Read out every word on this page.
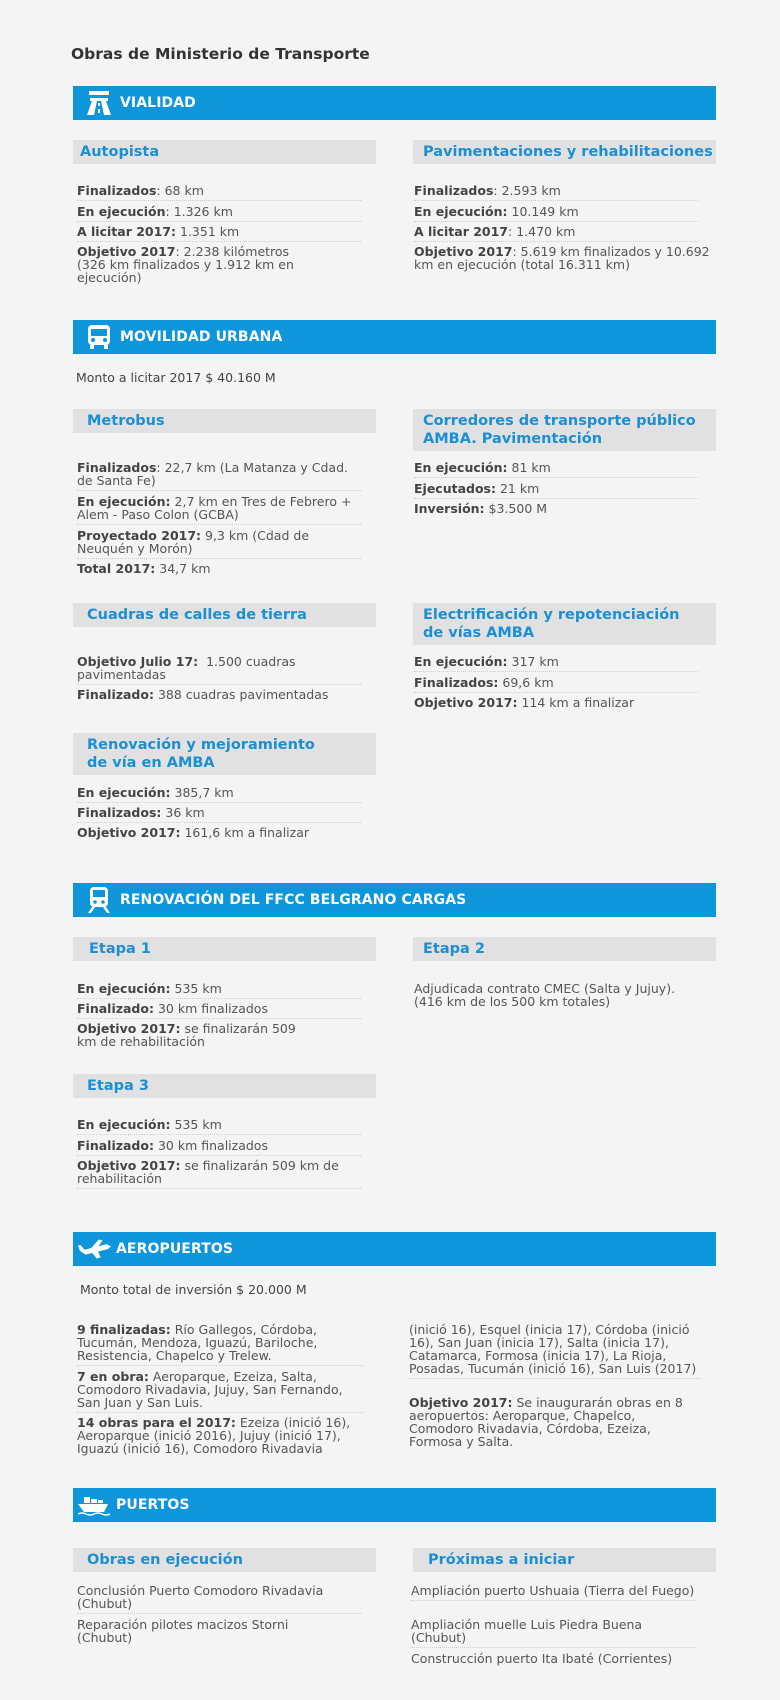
Obras de Ministerio de Transporte
VIALIDAD
Autopista
Finalizados: 68 km
En ejecución: 1.326 km
A licitar 2017: 1.351 km
Objetivo 2017: 2.238 kilómetros (326 km finalizados y 1.912 km en ejecución)
Pavimentaciones y rehabilitaciones
Finalizados: 2.593 km
En ejecución: 10.149 km
A licitar 2017: 1.470 km
Objetivo 2017: 5.619 km finalizados y 10.692 km en ejecución (total 16.311 km)
MOVILIDAD URBANA
Monto a licitar 2017 $ 40.160 M
Metrobus
Finalizados: 22,7 km (La Matanza y Cdad. de Santa Fe)
En ejecución: 2,7 km en Tres de Febrero + Alem - Paso Colon (GCBA)
Proyectado 2017: 9,3 km (Cdad de Neuquén y Morón)
Total 2017: 34,7 km
Corredores de transporte público
AMBA. Pavimentación
En ejecución: 81 km
Ejecutados: 21 km
Inversión: $3.500 M
Cuadras de calles de tierra
Objetivo Julio 17: 1.500 cuadras pavimentadas
Finalizado: 388 cuadras pavimentadas
Electrificación y repotenciación
de vías AMBA
En ejecución: 317 km
Finalizados: 69,6 km
Objetivo 2017: 114 km a finalizar
Renovación y mejoramiento
de vía en AMBA
En ejecución: 385,7 km
Finalizados: 36 km
Objetivo 2017: 161,6 km a finalizar
RENOVACIÓN DEL FFCC BELGRANO CARGAS
Etapa 1
En ejecución: 535 km
Finalizado: 30 km finalizados
Objetivo 2017: se finalizarán 509 km de rehabilitación
Etapa 2
Adjudicada contrato CMEC (Salta y Jujuy). (416 km de los 500 km totales)
Etapa 3
En ejecución: 535 km
Finalizado: 30 km finalizados
Objetivo 2017: se finalizarán 509 km de rehabilitación
AEROPUERTOS
Monto total de inversión $ 20.000 M
9 finalizadas: Río Gallegos, Córdoba, Tucumán, Mendoza, Iguazú, Bariloche, Resistencia, Chapelco y Trelew.
7 en obra: Aeroparque, Ezeiza, Salta, Comodoro Rivadavia, Jujuy, San Fernando, San Juan y San Luis.
14 obras para el 2017: Ezeiza (inició 16), Aeroparque (inició 2016), Jujuy (inició 17), Iguazú (inició 16), Comodoro Rivadavia
(inició 16), Esquel (inicia 17), Córdoba (inició 16), San Juan (inicia 17), Salta (inicia 17), Catamarca, Formosa (inicia 17), La Rioja, Posadas, Tucumán (inició 16), San Luis (2017)
Objetivo 2017: Se inaugurarán obras en 8 aeropuertos: Aeroparque, Chapelco, Comodoro Rivadavia, Córdoba, Ezeiza, Formosa y Salta.
PUERTOS
Obras en ejecución
Conclusión Puerto Comodoro Rivadavia (Chubut)
Reparación pilotes macizos Storni (Chubut)
Próximas a iniciar
Ampliación puerto Ushuaia (Tierra del Fuego)
Ampliación muelle Luis Piedra Buena (Chubut)
Construcción puerto Ita Ibaté (Corrientes)
